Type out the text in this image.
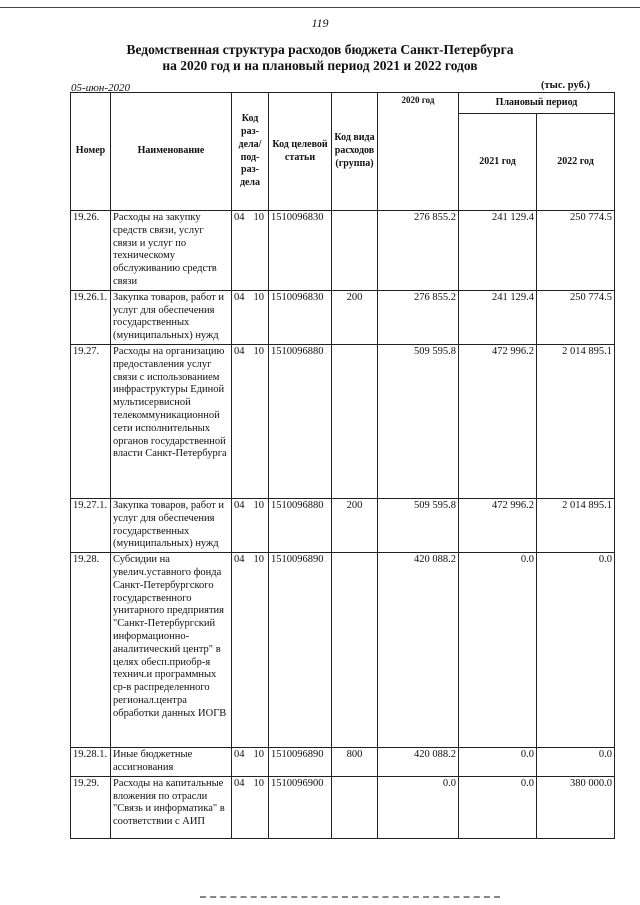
119
Ведомственная структура расходов бюджета Санкт-Петербурга
на 2020 год и на плановый период 2021 и 2022 годов
05-июн-2020	(тыс. руб.)
Номер	Наименование	Код раз-дела/ под-раз-дела	Код целевой статьи	Код вида расходов (группа)	2020 год	Плановый период	
						2021 год	2022 год
19.26.	Расходы на закупку средств связи, услуг связи и услуг по техническому обслуживанию средств связи	04 10	1510096830		276 855.2	241 129.4	250 774.5
19.26.1.	Закупка товаров, работ и услуг для обеспечения государственных (муниципальных) нужд	04 10	1510096830	200	276 855.2	241 129.4	250 774.5
19.27.	Расходы на организацию предоставления услуг связи с использованием инфраструктуры Единой мультисервисной телекоммуникационной сети исполнительных органов государственной власти Санкт-Петербурга	04 10	1510096880		509 595.8	472 996.2	2 014 895.1
19.27.1.	Закупка товаров, работ и услуг для обеспечения государственных (муниципальных) нужд	04 10	1510096880	200	509 595.8	472 996.2	2 014 895.1
19.28.	Субсидии на увелич.уставного фонда Санкт-Петербургского государственного унитарного предприятия "Санкт-Петербургский информационно-аналитический центр" в целях обесп.приобр-я технич.и программных ср-в распределенного регионал.центра обработки данных ИОГВ	04 10	1510096890		420 088.2	0.0	0.0
19.28.1.	Иные бюджетные ассигнования	04 10	1510096890	800	420 088.2	0.0	0.0
19.29.	Расходы на капитальные вложения по отрасли "Связь и информатика" в соответствии с АИП	04 10	1510096900		0.0	0.0	380 000.0
